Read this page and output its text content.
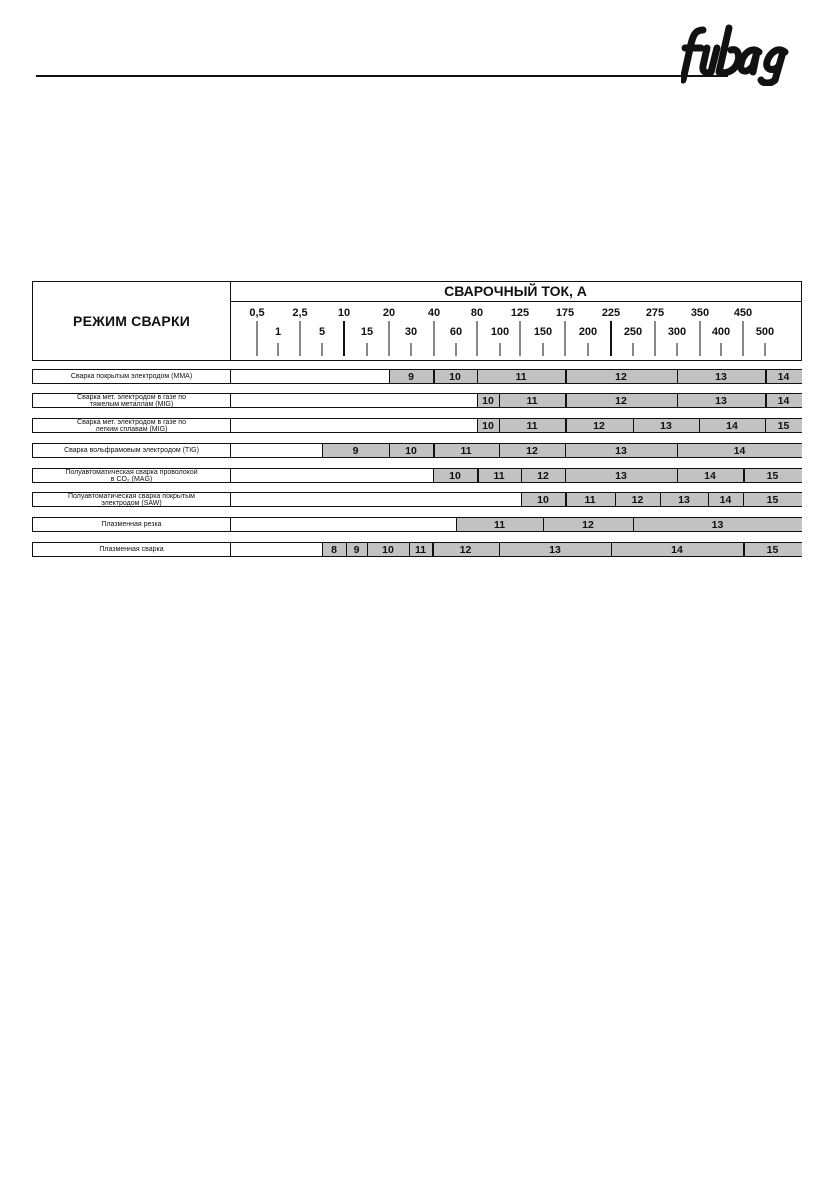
РЕЖИМ СВАРКИ
СВАРОЧНЫЙ ТОК, А
0,5	2,5	10	20	40	80	125 175	225 275 350 450
1	5	15	30	60	100 150 200 250 300 400 500
Сварка покрытым электродом (MMA)	9	10	11	12	13	14
Сварка мет. электродом в газе по
тяжелым металлам (MIG)	10	11	12	13	14
Сварка мет. электродом в газе по
легким сплавам (MIG)	10	11	12	13	14	15
Сварка вольфрамовым электродом (TIG)	9	10	11	12	13	14
Полуавтоматическая сварка проволокой
в CO₂ (MAG)	10	11	12	13	14	15
Полуавтоматическая сварка покрытым
электродом (SAW)	10	11	12	13	14	15
Плазменная резка	11	12	13
Плазменная сварка	8	9	10	11	12	13	14	15
